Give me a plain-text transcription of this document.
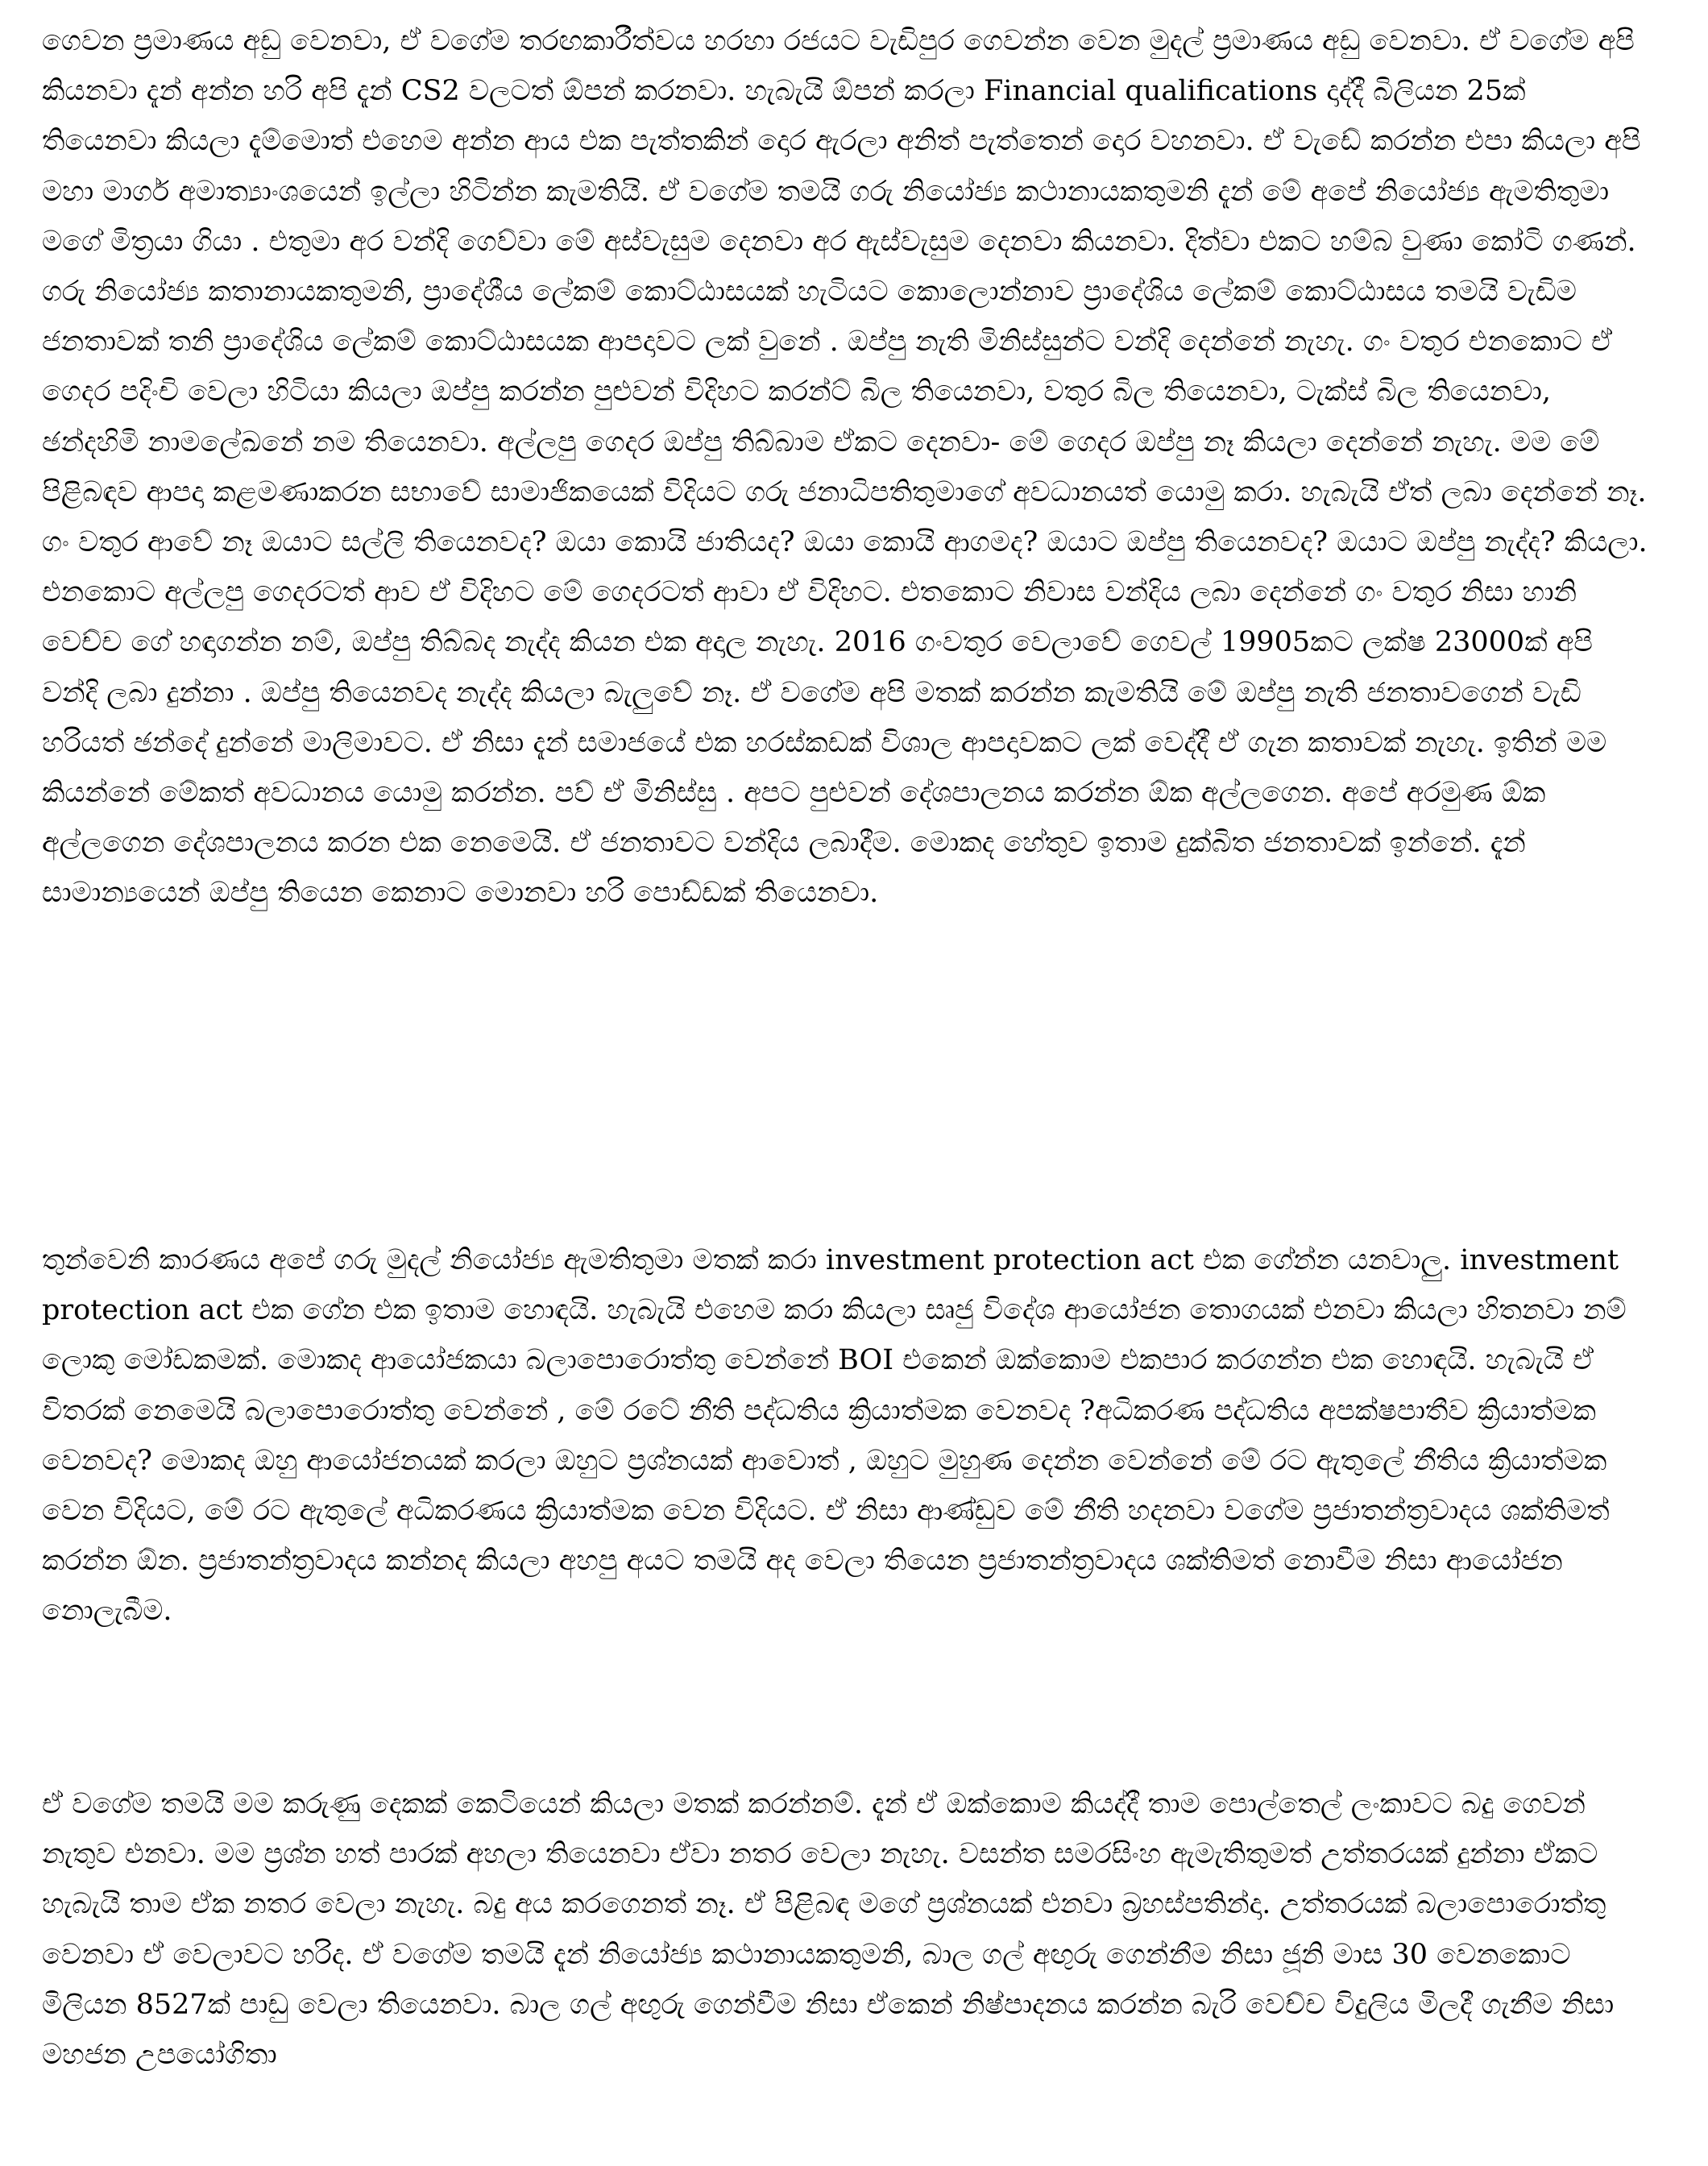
ගෙවන ප්‍රමාණය අඩු වෙනවා, ඒ වගේම තරඟකාරීත්වය හරහා රජයට වැඩිපුර ගෙවන්න වෙන මුදල් ප්‍රමාණය අඩු වෙනවා. ඒ වගේම අපි කියනවා දැන් අන්න හරි අපි දැන් CS2 වලටත් ඕපන් කරනවා. හැබැයි ඕපන් කරලා Financial qualifications දාද්දී බිලියන 25ක් තියෙනවා කියලා දැම්මොත් එහෙම අන්න ආය එක පැත්තකින් දොර ඇරලා අනිත් පැත්තෙන් දොර වහනවා. ඒ වැඩේ කරන්න එපා කියලා අපි මහා මාර්ග අමාත්‍යාංශයෙන් ඉල්ලා හිටින්න කැමතියි. ඒ වගේම තමයි ගරු නියෝජ්‍ය කථානායකතුමනි දැන් මේ අපේ නියෝජ්‍ය ඇමතිතුමා මගේ මිත්‍රයා ගියා . එතුමා අර වන්දි ගෙව්වා මේ අස්වැසුම දෙනවා අර ඇස්වැසුම දෙනවා කියනවා. දිත්වා එකට හම්බ වුණා කෝටි ගණන්. ගරු නියෝජ්‍ය කතානායකතුමනි, ප්‍රාදේශීය ලේකම් කොට්ඨාසයක් හැටියට කොලොන්නාව ප්‍රාදේශිය ලේකම් කොට්ඨාසය තමයි වැඩිම ජනතාවක් තනි ප්‍රාදේශිය ලේකම් කොට්ඨාසයක ආපදාවට ලක් වුනේ . ඔප්පු නැති මිනිස්සුන්ට වන්දි දෙන්නේ නැහැ. ගං වතුර එනකොට ඒ ගෙදර පදිංචි වෙලා හිටියා කියලා ඔප්පු කරන්න පුළුවන් විදිහට කරන්ට් බිල තියෙනවා, වතුර බිල තියෙනවා, ටැක්ස් බිල තියෙනවා, ඡන්දහිමි නාමලේඛනේ නම තියෙනවා. අල්ලපු ගෙදර ඔප්පු තිබ්බාම ඒකට දෙනවා- මේ ගෙදර ඔප්පු නෑ කියලා දෙන්නේ නැහැ. මම මේ පිළිබඳව ආපදා කළමණාකරන සභාවේ සාමාජිකයෙක් විදියට ගරු ජනාධිපතිතුමාගේ අවධානයත් යොමු කරා. හැබැයි ඒත් ලබා දෙන්නේ නෑ. ගං වතුර ආවේ නෑ ඔයාට සල්ලි තියෙනවද? ඔයා කොයි ජාතියද? ඔයා කොයි ආගමද? ඔයාට ඔප්පු තියෙනවද? ඔයාට ඔප්පු නැද්ද? කියලා. එනකොට අල්ලපු ගෙදරටත් ආව ඒ විදිහට මේ ගෙදරටත් ආවා ඒ විදිහට. එතකොට නිවාස වන්දිය ලබා දෙන්නේ ගං වතුර නිසා හානි වෙච්ච ගේ හඳාගන්න නම්, ඔප්පු තිබ්බද නැද්ද කියන එක අදාල නැහැ. 2016 ගංවතුර වෙලාවේ ගෙවල් 19905කට ලක්ෂ 23000ක් අපි වන්දි ලබා දුන්නා . ඔප්පු තියෙනවද නැද්ද කියලා බැලුවේ නෑ. ඒ වගේම අපි මතක් කරන්න කැමතියි මේ ඔප්පු නැති ජනතාවගෙන් වැඩි හරියත් ඡන්දේ දුන්නේ මාලිමාවට. ඒ නිසා දැන් සමාජයේ එක හරස්කඩක් විශාල ආපදාවකට ලක් වෙද්දී ඒ ගැන කතාවක් නැහැ. ඉතින් මම කියන්නේ මේකත් අවධානය යොමු කරන්න. පව් ඒ මිනිස්සු . අපට පුළුවන් දේශපාලනය කරන්න ඕක අල්ලගෙන. අපේ අරමුණ ඕක අල්ලගෙන දේශපාලනය කරන එක නෙමෙයි. ඒ ජනතාවට වන්දිය ලබාදීම. මොකද හේතුව ඉතාම දුක්බිත ජනතාවක් ඉන්නේ. දැන් සාමාන්‍යයෙන් ඔප්පු තියෙන කෙනාට මොනවා හරි පොඩ්ඩක් තියෙනවා.

තුන්වෙනි කාරණය අපේ ගරු මුදල් නියෝජ්‍ය ඇමතිතුමා මතක් කරා investment protection act එක ගේන්න යනවාලු. investment protection act එක ගේන එක ඉතාම හොඳයි. හැබැයි එහෙම කරා කියලා සෘජු විදේශ ආයෝජන තොගයක් එනවා කියලා හිතනවා නම් ලොකු මෝඩකමක්. මොකද ආයෝජකයා බලාපොරොත්තු වෙන්නේ BOI එකෙන් ඔක්කොම එකපාර කරගන්න එක හොඳයි. හැබැයි ඒ විතරක් නෙමෙයි බලාපොරොත්තු වෙන්නේ , මේ රටේ නීති පද්ධතිය ක්‍රියාත්මක වෙනවද ?අධිකරණ පද්ධතිය අපක්ෂපාතීව ක්‍රියාත්මක වෙනවද? මොකද ඔහු ආයෝජනයක් කරලා ඔහුට ප්‍රශ්නයක් ආවොත් , ඔහුට මුහුණ දෙන්න වෙන්නේ මේ රට ඇතුලේ නීතිය ක්‍රියාත්මක වෙන විදියට, මේ රට ඇතුලේ අධිකරණය ක්‍රියාත්මක වෙන විදියට. ඒ නිසා ආණ්ඩුව මේ නීති හදනවා වගේම ප්‍රජාතන්ත්‍රවාදය ශක්තිමත් කරන්න ඕන. ප්‍රජාතන්ත්‍රවාදය කන්නද කියලා අහපු අයට තමයි අද වෙලා තියෙන ප්‍රජාතන්ත්‍රවාදය ශක්තිමත් නොවීම නිසා ආයෝජන නොලැබීම.

ඒ වගේම තමයි මම කරුණු දෙකක් කෙටියෙන් කියලා මතක් කරන්නම්. දැන් ඒ ඔක්කොම කියද්දී තාම පොල්තෙල් ලංකාවට බදු ගෙවන් නැතුව එනවා. මම ප්‍රශ්න හත් පාරක් අහලා තියෙනවා ඒවා නතර වෙලා නැහැ. වසන්ත සමරසිංහ ඇමැතිතුමත් උත්තරයක් දුන්නා ඒකට හැබැයි තාම ඒක නතර වෙලා නැහැ. බදු අය කරගෙනත් නෑ. ඒ පිළිබඳ මගේ ප්‍රශ්නයක් එනවා බ්‍රහස්පතින්දා. උත්තරයක් බලාපොරොත්තු වෙනවා ඒ වෙලාවට හරිද. ඒ වගේම තමයි දැන් නියෝජ්‍ය කථානායකතුමනි, බාල ගල් අඟුරු ගෙන්නීම නිසා ජූනි මාස 30 වෙනකොට මිලියන 8527ක් පාඩු වෙලා තියෙනවා. බාල ගල් අඟුරු ගෙන්වීම නිසා ඒකෙන් නිෂ්පාදනය කරන්න බැරි වෙච්ච විදුලිය මිලදී ගැනීම නිසා මහජන උපයෝගිතා
